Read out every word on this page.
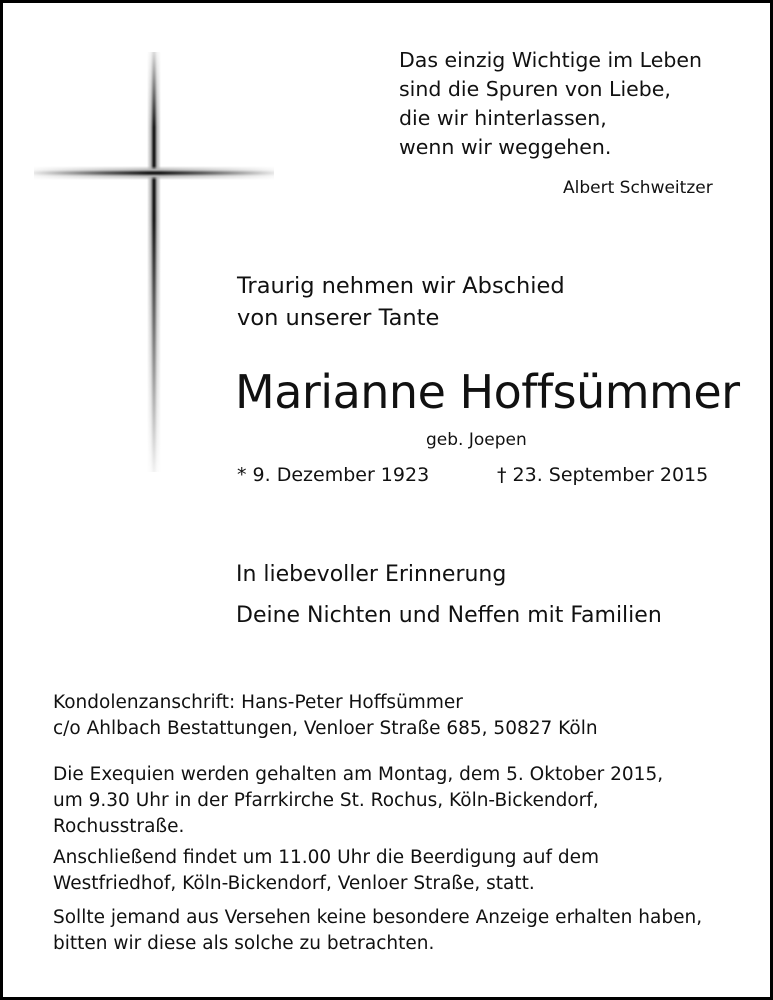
Das einzig Wichtige im Leben
sind die Spuren von Liebe,
die wir hinterlassen,
wenn wir weggehen.
Albert Schweitzer
Traurig nehmen wir Abschied
von unserer Tante
Marianne Hoffsümmer
geb. Joepen
* 9. Dezember 1923	† 23. September 2015
In liebevoller Erinnerung
Deine Nichten und Neffen mit Familien
Kondolenzanschrift: Hans-Peter Hoffsümmer
c/o Ahlbach Bestattungen, Venloer Straße 685, 50827 Köln
Die Exequien werden gehalten am Montag, dem 5. Oktober 2015,
um 9.30 Uhr in der Pfarrkirche St. Rochus, Köln-Bickendorf,
Rochusstraße.
Anschließend findet um 11.00 Uhr die Beerdigung auf dem
Westfriedhof, Köln-Bickendorf, Venloer Straße, statt.
Sollte jemand aus Versehen keine besondere Anzeige erhalten haben,
bitten wir diese als solche zu betrachten.
